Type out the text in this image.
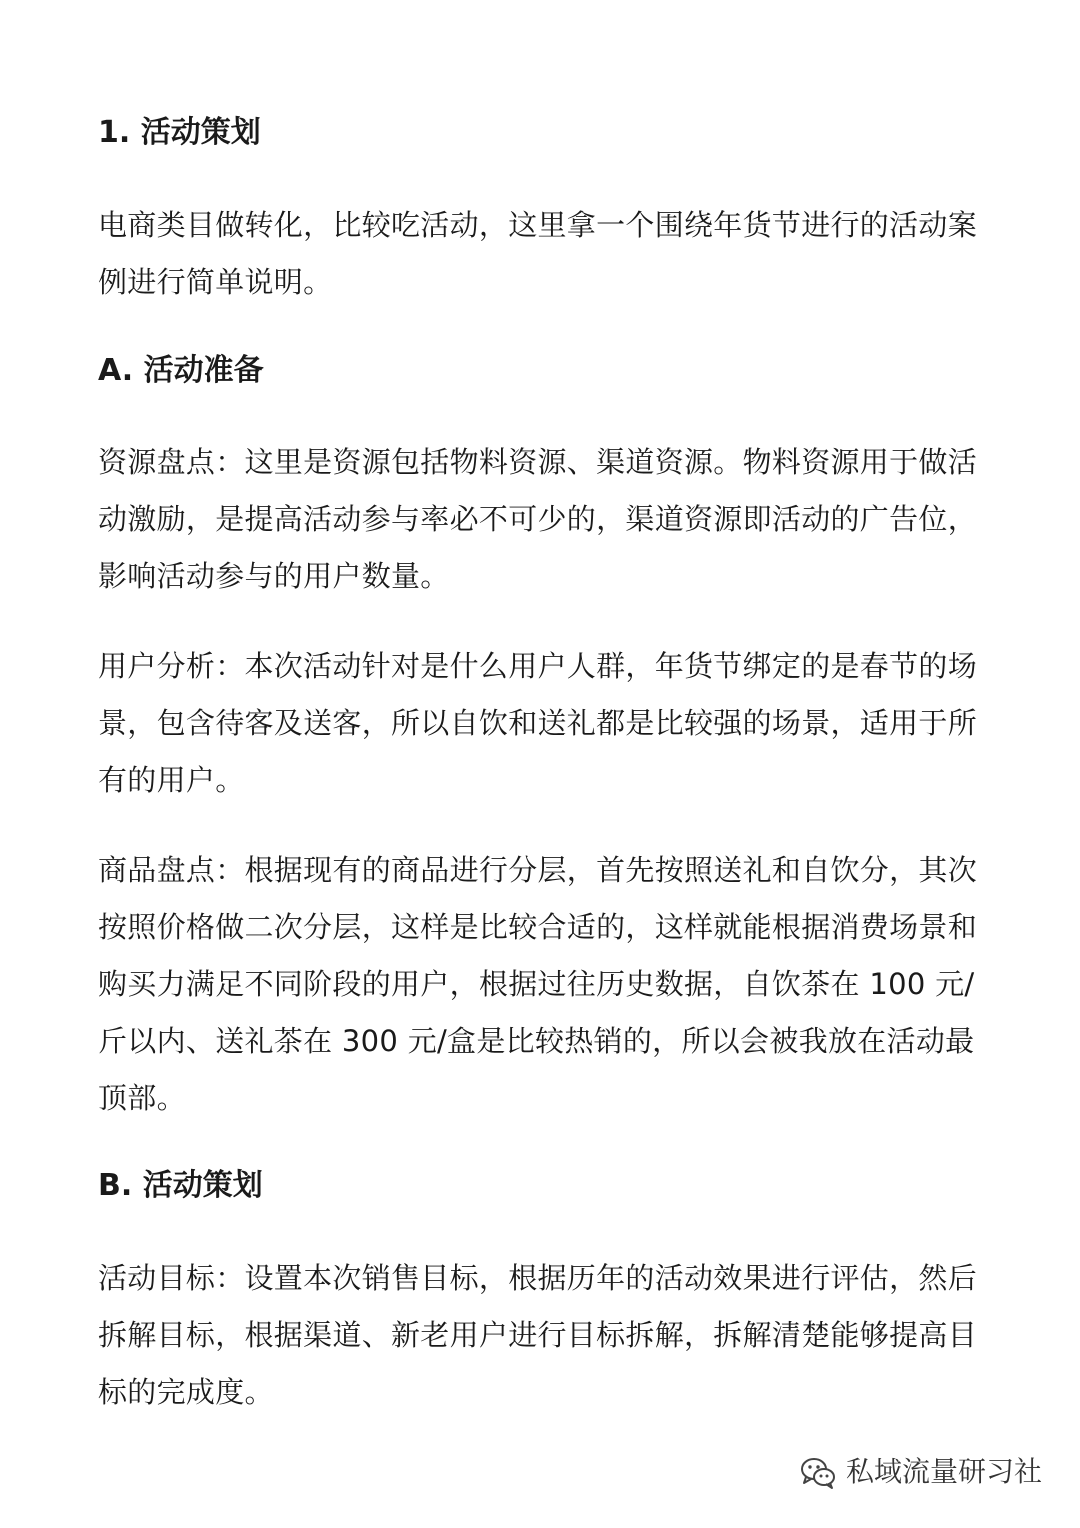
1. 活动策划

电商类目做转化，比较吃活动，这里拿一个围绕年货节进行的活动案例进行简单说明。

A. 活动准备

资源盘点：这里是资源包括物料资源、渠道资源。物料资源用于做活动激励，是提高活动参与率必不可少的，渠道资源即活动的广告位，影响活动参与的用户数量。

用户分析：本次活动针对是什么用户人群，年货节绑定的是春节的场景，包含待客及送客，所以自饮和送礼都是比较强的场景，适用于所有的用户。

商品盘点：根据现有的商品进行分层，首先按照送礼和自饮分，其次按照价格做二次分层，这样是比较合适的，这样就能根据消费场景和购买力满足不同阶段的用户，根据过往历史数据，自饮茶在 100 元/斤以内、送礼茶在 300 元/盒是比较热销的，所以会被我放在活动最顶部。

B. 活动策划

活动目标：设置本次销售目标，根据历年的活动效果进行评估，然后拆解目标，根据渠道、新老用户进行目标拆解，拆解清楚能够提高目标的完成度。

私域流量研习社
